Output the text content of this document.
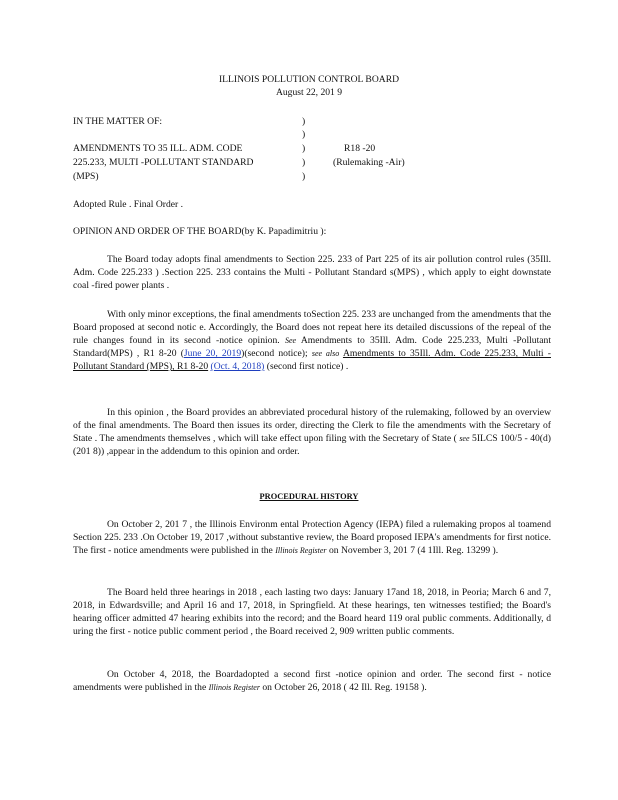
ILLINOIS POLLUTION CONTROL BOARD
August 22, 201 9
IN THE MATTER OF:	)
)
AMENDMENTS TO 35 ILL. ADM. CODE	)	R18 -20
225.233, MULTI -POLLUTANT STANDARD	)	(Rulemaking -Air)
(MPS)	)
Adopted Rule . Final Order .
OPINION AND ORDER OF THE BOARD(by K. Papadimitriu ):
The Board today adopts final amendments to Section 225. 233 of Part 225 of its air pollution control rules (35Ill. Adm. Code 225.233 ) .Section 225. 233 contains the Multi - Pollutant Standard s(MPS) , which apply to eight downstate coal -fired power plants .
With only minor exceptions, the final amendments toSection 225. 233 are unchanged from the amendments that the Board proposed at second notic e. Accordingly, the Board does not repeat here its detailed discussions of the repeal of the rule changes found in its second -notice opinion. See Amendments to 35Ill. Adm. Code 225.233, Multi -Pollutant Standard(MPS) , R1 8-20 (June 20, 2019)(second notice); see also Amendments to 35Ill. Adm. Code 225.233, Multi -Pollutant Standard (MPS), R1 8-20 (Oct. 4, 2018) (second first notice) .
In this opinion , the Board provides an abbreviated procedural history of the rulemaking, followed by an overview of the final amendments. The Board then issues its order, directing the Clerk to file the amendments with the Secretary of State . The amendments themselves , which will take effect upon filing with the Secretary of State ( see 5ILCS 100/5 - 40(d) (201 8)) ,appear in the addendum to this opinion and order.
PROCEDURAL HISTORY
On October 2, 201 7 , the Illinois Environm ental Protection Agency (IEPA) filed a rulemaking propos al toamend Section 225. 233 .On October 19, 2017 ,without substantive review, the Board proposed IEPA's amendments for first notice. The first - notice amendments were published in the Illinois Register on November 3, 201 7 (4 1Ill. Reg. 13299 ).
The Board held three hearings in 2018 , each lasting two days: January 17and 18, 2018, in Peoria; March 6 and 7, 2018, in Edwardsville; and April 16 and 17, 2018, in Springfield. At these hearings, ten witnesses testified; the Board's hearing officer admitted 47 hearing exhibits into the record; and the Board heard 119 oral public comments. Additionally, d uring the first - notice public comment period , the Board received 2, 909 written public comments.
On October 4, 2018, the Boardadopted a second first -notice opinion and order. The second first - notice amendments were published in the Illinois Register on October 26, 2018 ( 42 Ill. Reg. 19158 ).
